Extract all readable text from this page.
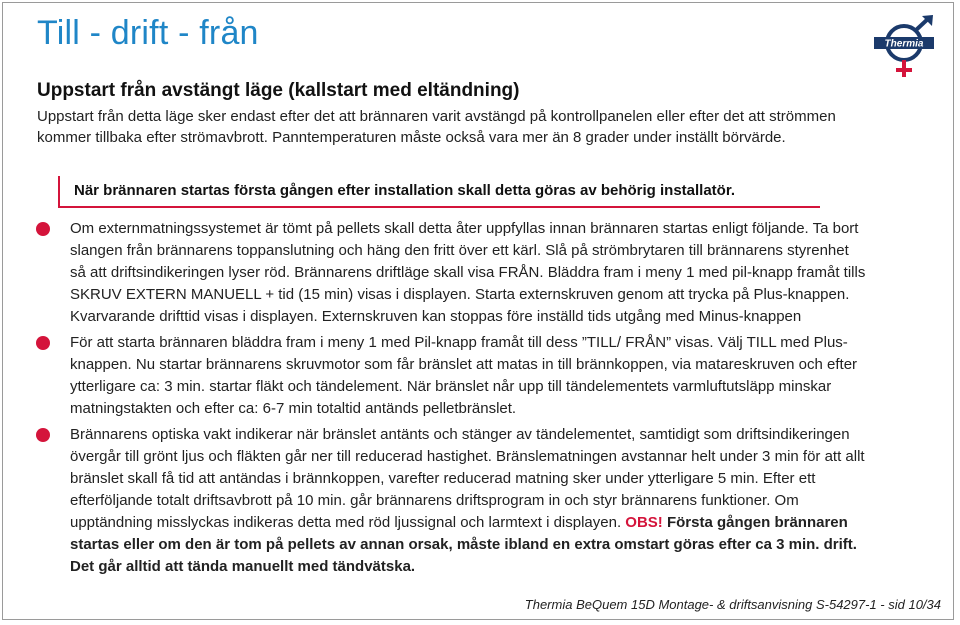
Till - drift - från	Thermia
Uppstart från avstängt läge (kallstart med eltändning)
Uppstart från detta läge sker endast efter det att brännaren varit avstängd på kontrollpanelen eller efter det att strömmen kommer tillbaka efter strömavbrott. Panntemperaturen måste också vara mer än 8 grader under inställt börvärde.
När brännaren startas första gången efter installation skall detta göras av behörig installatör.
Om externmatningssystemet är tömt på pellets skall detta åter uppfyllas innan brännaren startas enligt följande. Ta bort slangen från brännarens toppanslutning och häng den fritt över ett kärl. Slå på strömbrytaren till brännarens styrenhet så att driftsindikeringen lyser röd. Brännarens driftläge skall visa FRÅN. Bläddra fram i meny 1 med pil-knapp framåt tills SKRUV EXTERN MANUELL + tid (15 min) visas i displayen. Starta externskruven genom att trycka på Plus-knappen. Kvarvarande drifttid visas i displayen. Externskruven kan stoppas före inställd tids utgång med Minus-knappen
För att starta brännaren bläddra fram i meny 1 med Pil-knapp framåt till dess ”TILL/ FRÅN” visas. Välj TILL med Plus-knappen. Nu startar brännarens skruvmotor som får bränslet att matas in till brännkoppen, via matareskruven och efter ytterligare ca: 3 min. startar fläkt och tändelement. När bränslet når upp till tändelementets varmluftutsläpp minskar matningstakten och efter ca: 6-7 min totaltid antänds pelletbränslet.
Brännarens optiska vakt indikerar när bränslet antänts och stänger av tändelementet, samtidigt som driftsindikeringen övergår till grönt ljus och fläkten går ner till reducerad hastighet. Bränslematningen avstannar helt under 3 min för att allt bränslet skall få tid att antändas i brännkoppen, varefter reducerad matning sker under ytterligare 5 min. Efter ett efterföljande totalt driftsavbrott på 10 min. går brännarens driftsprogram in och styr brännarens funktioner. Om upptändning misslyckas indikeras detta med röd ljussignal och larmtext i displayen. OBS! Första gången brännaren startas eller om den är tom på pellets av annan orsak, måste ibland en extra omstart göras efter ca 3 min. drift. Det går alltid att tända manuellt med tändvätska.
Thermia BeQuem 15D Montage- & driftsanvisning S-54297-1 - sid 10/34
